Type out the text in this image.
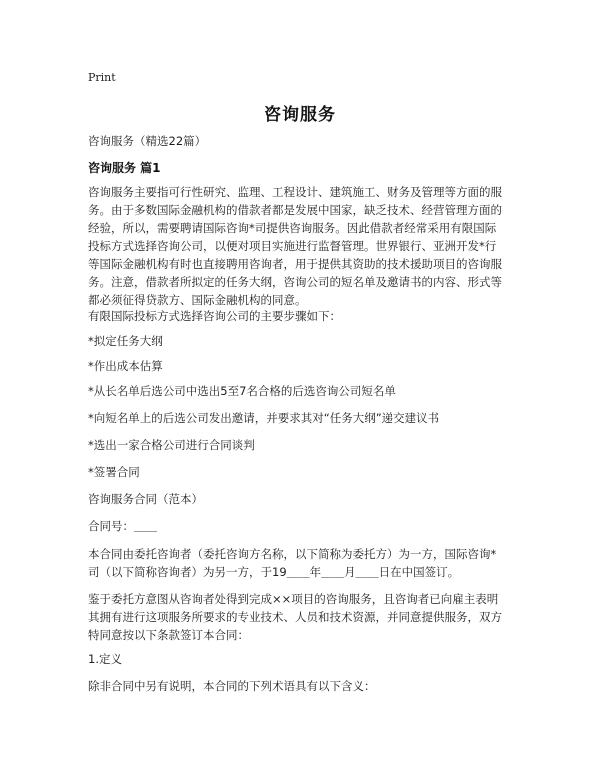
Print
咨询服务
咨询服务（精选22篇）
咨询服务 篇1
咨询服务主要指可行性研究、监理、工程设计、建筑施工、财务及管理等方面的服
务。由于多数国际金融机构的借款者都是发展中国家，缺乏技术、经营管理方面的
经验，所以，需要聘请国际咨询*司提供咨询服务。因此借款者经常采用有限国际
投标方式选择咨询公司，以便对项目实施进行监督管理。世界银行、亚洲开发*行
等国际金融机构有时也直接聘用咨询者，用于提供其资助的技术援助项目的咨询服
务。注意，借款者所拟定的任务大纲，咨询公司的短名单及邀请书的内容、形式等
都必须征得贷款方、国际金融机构的同意。
有限国际投标方式选择咨询公司的主要步骤如下：
*拟定任务大纲
*作出成本估算
*从长名单后选公司中选出5至7名合格的后选咨询公司短名单
*向短名单上的后选公司发出邀请，并要求其对“任务大纲”递交建议书
*选出一家合格公司进行合同谈判
*签署合同
咨询服务合同（范本）
合同号：＿＿
本合同由委托咨询者（委托咨询方名称，以下简称为委托方）为一方，国际咨询*
司（以下简称咨询者）为另一方，于19＿＿年＿＿月＿＿日在中国签订。
鉴于委托方意图从咨询者处得到完成××项目的咨询服务，且咨询者已向雇主表明
其拥有进行这项服务所要求的专业技术、人员和技术资源，并同意提供服务，双方
特同意按以下条款签订本合同：
1.定义
除非合同中另有说明，本合同的下列术语具有以下含义：
